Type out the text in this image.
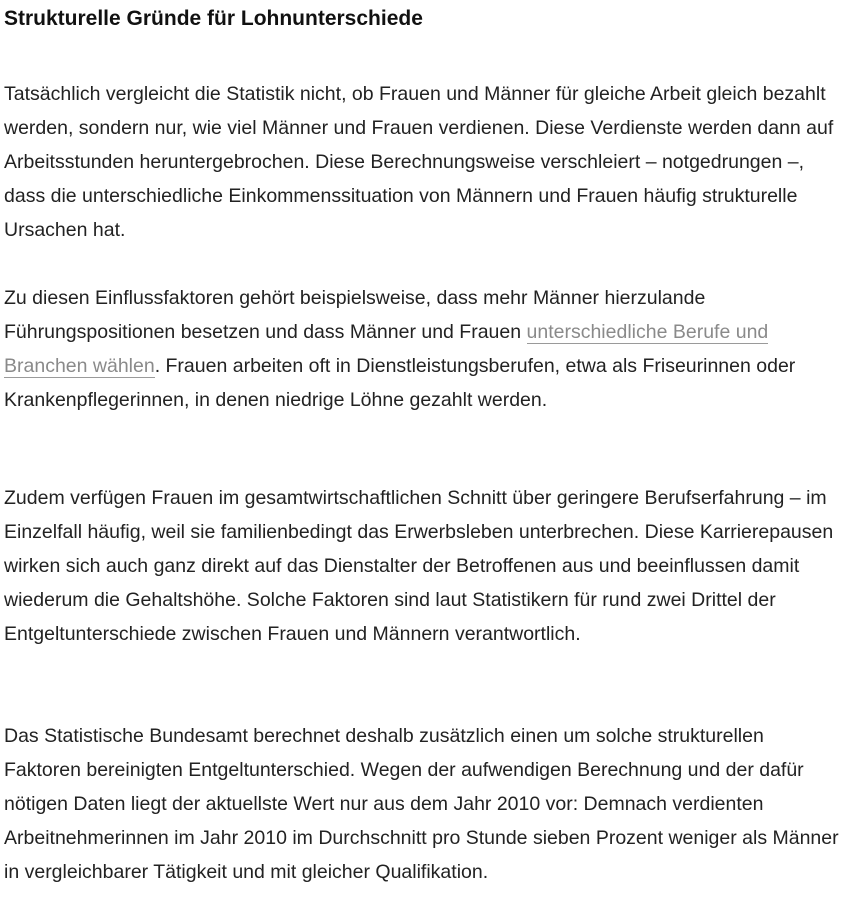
Strukturelle Gründe für Lohnunterschiede

Tatsächlich vergleicht die Statistik nicht, ob Frauen und Männer für gleiche Arbeit gleich bezahlt werden, sondern nur, wie viel Männer und Frauen verdienen. Diese Verdienste werden dann auf Arbeitsstunden heruntergebrochen. Diese Berechnungsweise verschleiert – notgedrungen –, dass die unterschiedliche Einkommenssituation von Männern und Frauen häufig strukturelle Ursachen hat.

Zu diesen Einflussfaktoren gehört beispielsweise, dass mehr Männer hierzulande Führungspositionen besetzen und dass Männer und Frauen unterschiedliche Berufe und Branchen wählen. Frauen arbeiten oft in Dienstleistungsberufen, etwa als Friseurinnen oder Krankenpflegerinnen, in denen niedrige Löhne gezahlt werden.

Zudem verfügen Frauen im gesamtwirtschaftlichen Schnitt über geringere Berufserfahrung – im Einzelfall häufig, weil sie familienbedingt das Erwerbsleben unterbrechen. Diese Karrierepausen wirken sich auch ganz direkt auf das Dienstalter der Betroffenen aus und beeinflussen damit wiederum die Gehaltshöhe. Solche Faktoren sind laut Statistikern für rund zwei Drittel der Entgeltunterschiede zwischen Frauen und Männern verantwortlich.

Das Statistische Bundesamt berechnet deshalb zusätzlich einen um solche strukturellen Faktoren bereinigten Entgeltunterschied. Wegen der aufwendigen Berechnung und der dafür nötigen Daten liegt der aktuellste Wert nur aus dem Jahr 2010 vor: Demnach verdienten Arbeitnehmerinnen im Jahr 2010 im Durchschnitt pro Stunde sieben Prozent weniger als Männer in vergleichbarer Tätigkeit und mit gleicher Qualifikation.
